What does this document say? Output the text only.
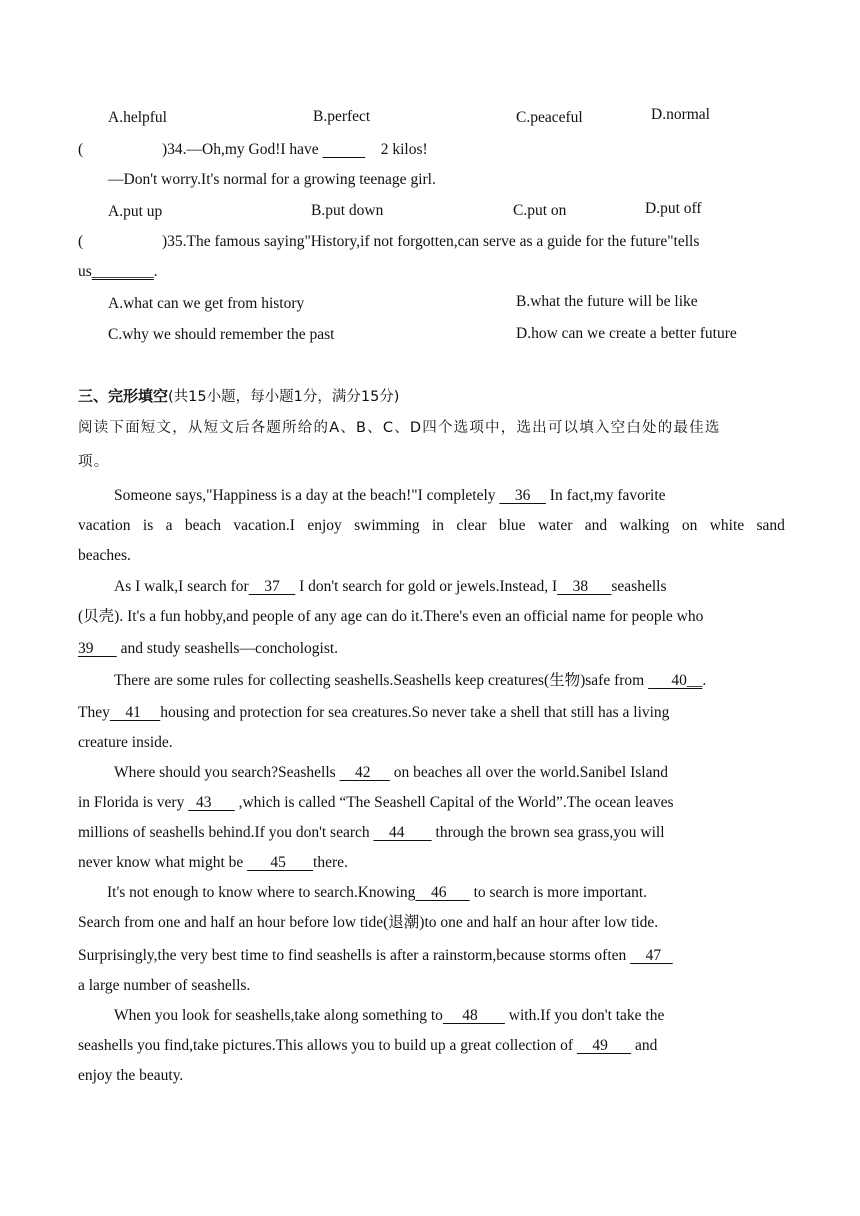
A.helpful	B.perfect	C.peaceful	D.normal
(	)34.—Oh,my God!I have	2 kilos!
—Don't worry.It's normal for a growing teenage girl.
A.put up	B.put down	C.put on	D.put off
(	)35.The famous saying"History,if not forgotten,can serve as a guide for the future"tells
us________.
A.what can we get from history	B.what the future will be like
C.why we should remember the past	D.how can we create a better future
三、完形填空(共15小题，每小题1分，满分15分)
阅读下面短文，从短文后各题所给的A、B、C、D四个选项中，选出可以填入空白处的最佳选
项。
Someone says,"Happiness is a day at the beach!"I completely     36     In fact,my favorite
vacation is a beach vacation.I enjoy swimming in clear blue water and walking on white sand
beaches.
As I walk,I search for    37     I don't search for gold or jewels.Instead, I    38      seashells
(贝壳). It's a fun hobby,and people of any age can do it.There's even an official name for people who
39       and study seashells—conchologist.
There are some rules for collecting seashells.Seashells keep creatures(生物)safe from       40__.
They    41     housing and protection for sea creatures.So never take a shell that still has a living
creature inside.
Where should you search?Seashells     42      on beaches all over the world.Sanibel Island
in Florida is very   43       ,which is called “The Seashell Capital of the World”.The ocean leaves
millions of seashells behind.If you don't search     44        through the brown sea grass,you will
never know what might be       45       there.
It's not enough to know where to search.Knowing    46       to search is more important.
Search from one and half an hour before low tide(退潮)to one and half an hour after low tide.
Surprisingly,the very best time to find seashells is after a rainstorm,because storms often     47
a large number of seashells.
When you look for seashells,take along something to     48        with.If you don't take the
seashells you find,take pictures.This allows you to build up a great collection of     49       and
enjoy the beauty.
